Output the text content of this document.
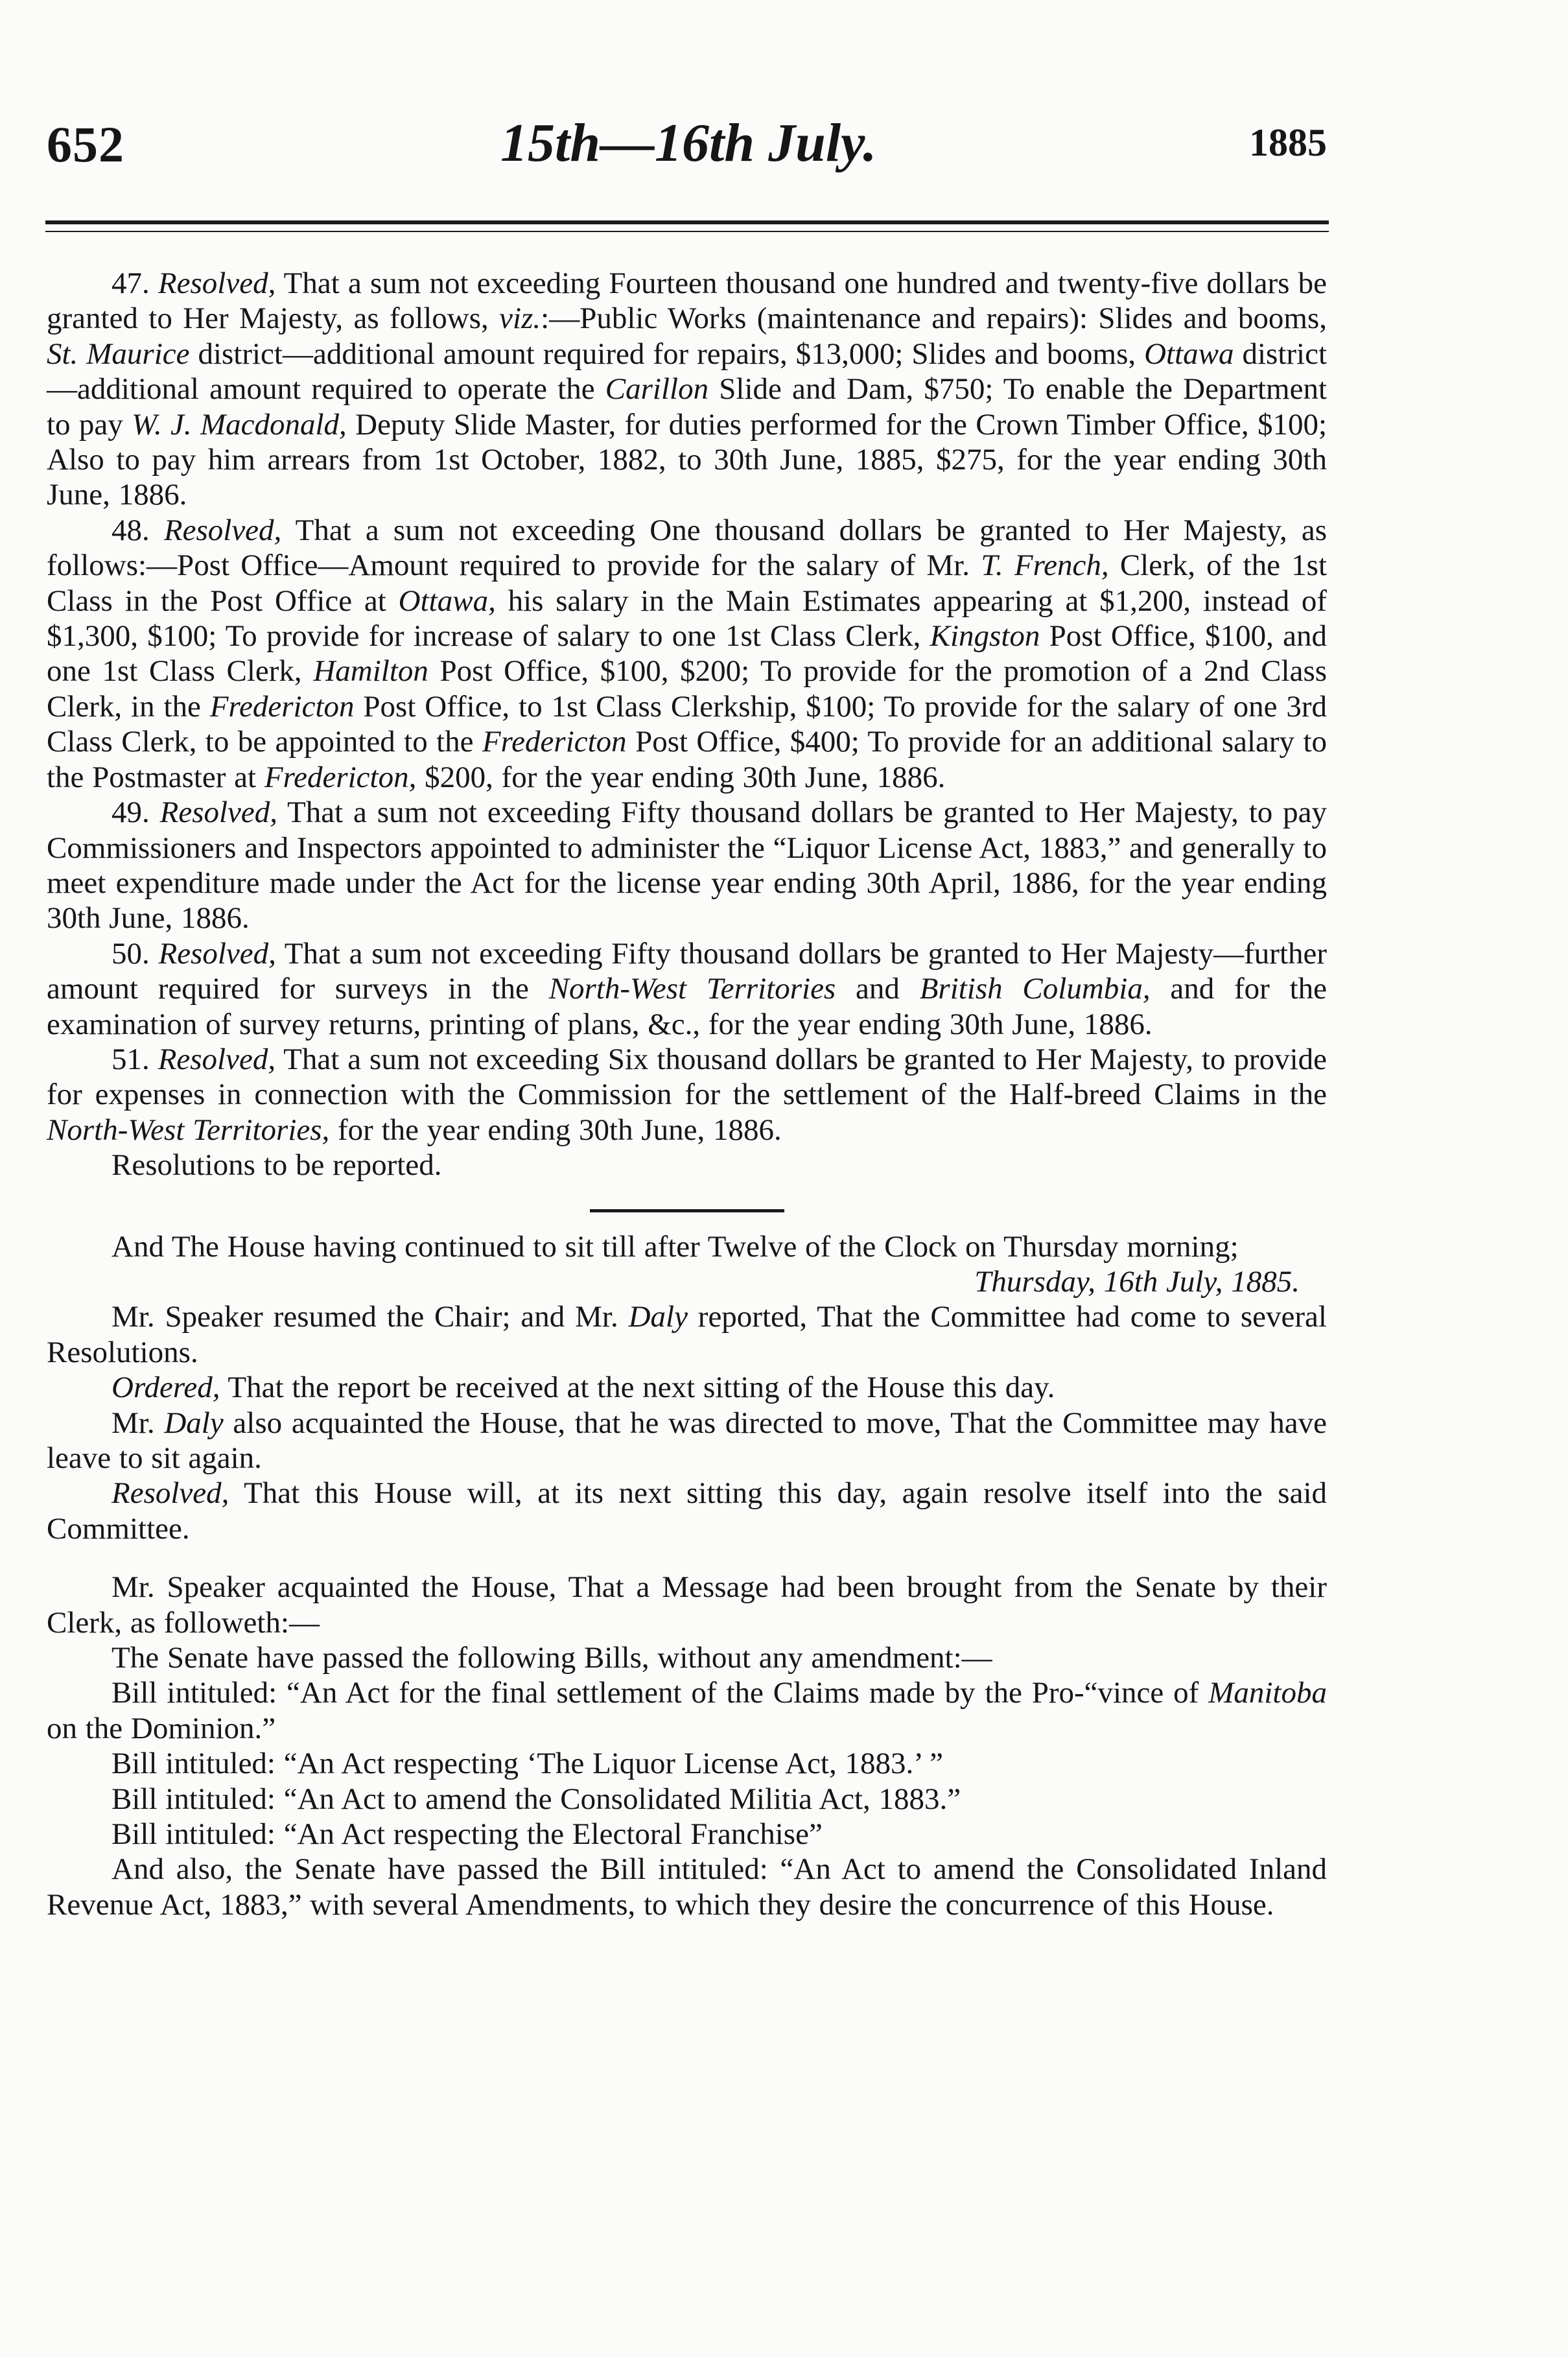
652	15th—16th July.	1885

47. Resolved, That a sum not exceeding Fourteen thousand one hundred and twenty-five dollars be granted to Her Majesty, as follows, viz.:—Public Works (maintenance and repairs): Slides and booms, St. Maurice district—additional amount required for repairs, $13,000; Slides and booms, Ottawa district—additional amount required to operate the Carillon Slide and Dam, $750; To enable the Department to pay W. J. Macdonald, Deputy Slide Master, for duties performed for the Crown Timber Office, $100; Also to pay him arrears from 1st October, 1882, to 30th June, 1885, $275, for the year ending 30th June, 1886.

48. Resolved, That a sum not exceeding One thousand dollars be granted to Her Majesty, as follows:—Post Office—Amount required to provide for the salary of Mr. T. French, Clerk, of the 1st Class in the Post Office at Ottawa, his salary in the Main Estimates appearing at $1,200, instead of $1,300, $100; To provide for increase of salary to one 1st Class Clerk, Kingston Post Office, $100, and one 1st Class Clerk, Hamilton Post Office, $100, $200; To provide for the promotion of a 2nd Class Clerk, in the Fredericton Post Office, to 1st Class Clerkship, $100; To provide for the salary of one 3rd Class Clerk, to be appointed to the Fredericton Post Office, $400; To provide for an additional salary to the Postmaster at Fredericton, $200, for the year ending 30th June, 1886.

49. Resolved, That a sum not exceeding Fifty thousand dollars be granted to Her Majesty, to pay Commissioners and Inspectors appointed to administer the “Liquor License Act, 1883,” and generally to meet expenditure made under the Act for the license year ending 30th April, 1886, for the year ending 30th June, 1886.

50. Resolved, That a sum not exceeding Fifty thousand dollars be granted to Her Majesty—further amount required for surveys in the North-West Territories and British Columbia, and for the examination of survey returns, printing of plans, &c., for the year ending 30th June, 1886.

51. Resolved, That a sum not exceeding Six thousand dollars be granted to Her Majesty, to provide for expenses in connection with the Commission for the settlement of the Half-breed Claims in the North-West Territories, for the year ending 30th June, 1886.

Resolutions to be reported.

And The House having continued to sit till after Twelve of the Clock on Thursday morning;

Thursday, 16th July, 1885.

Mr. Speaker resumed the Chair; and Mr. Daly reported, That the Committee had come to several Resolutions.

Ordered, That the report be received at the next sitting of the House this day.

Mr. Daly also acquainted the House, that he was directed to move, That the Committee may have leave to sit again.

Resolved, That this House will, at its next sitting this day, again resolve itself into the said Committee.

Mr. Speaker acquainted the House, That a Message had been brought from the Senate by their Clerk, as followeth:—

The Senate have passed the following Bills, without any amendment:—

Bill intituled: “An Act for the final settlement of the Claims made by the Pro-“vince of Manitoba on the Dominion.”

Bill intituled: “An Act respecting ‘The Liquor License Act, 1883.’ ”

Bill intituled: “An Act to amend the Consolidated Militia Act, 1883.”

Bill intituled: “An Act respecting the Electoral Franchise”

And also, the Senate have passed the Bill intituled: “An Act to amend the Consolidated Inland Revenue Act, 1883,” with several Amendments, to which they desire the concurrence of this House.
